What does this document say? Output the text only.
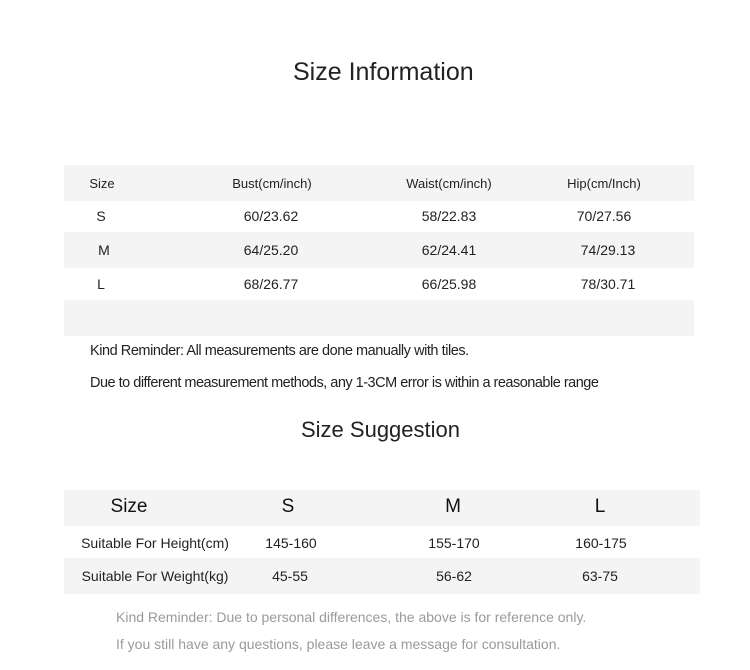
Size Information
Size	Bust(cm/inch)	Waist(cm/inch)	Hip(cm/Inch)
S	60/23.62	58/22.83	70/27.56
M	64/25.20	62/24.41	74/29.13
L	68/26.77	66/25.98	78/30.71
Kind Reminder: All measurements are done manually with tiles.
Due to different measurement methods, any 1-3CM error is within a reasonable range
Size Suggestion
Size	S	M	L
Suitable For Height(cm)	145-160	155-170	160-175
Suitable For Weight(kg)	45-55	56-62	63-75
Kind Reminder: Due to personal differences, the above is for reference only.
If you still have any questions, please leave a message for consultation.
